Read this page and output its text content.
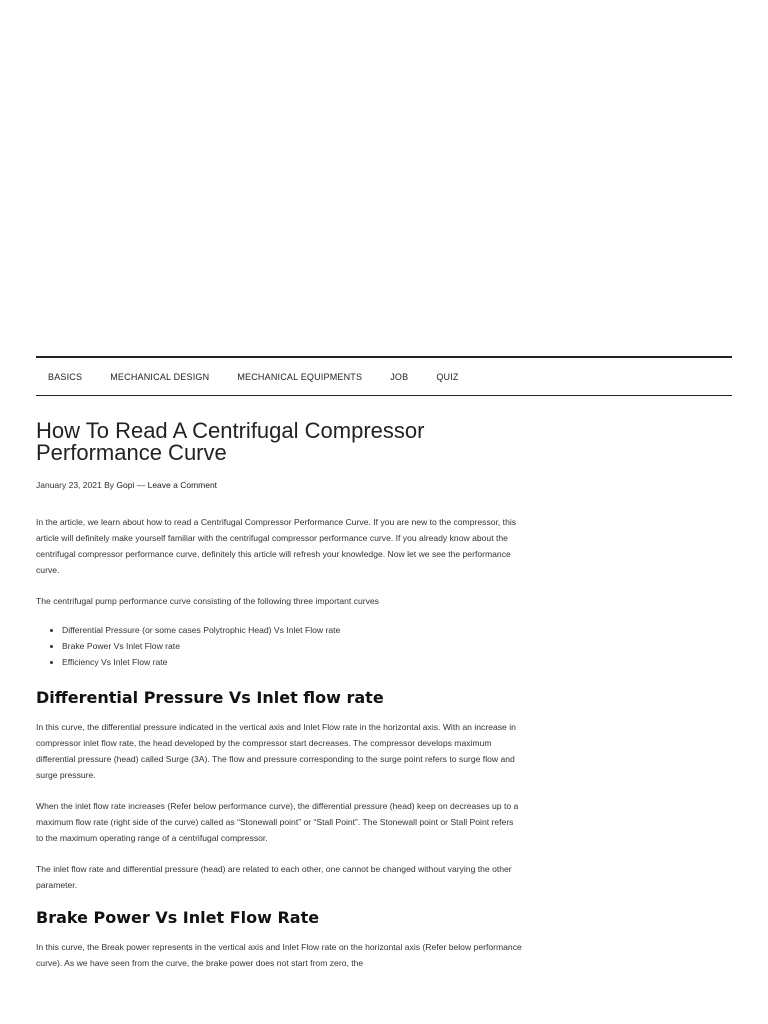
BASICS	MECHANICAL DESIGN	MECHANICAL EQUIPMENTS	JOB	QUIZ
How To Read A Centrifugal Compressor Performance Curve
January 23, 2021 By Gopi — Leave a Comment

In the article, we learn about how to read a Centrifugal Compressor Performance Curve. If you are new to the compressor, this article will definitely make yourself familiar with the centrifugal compressor performance curve. If you already know about the centrifugal compressor performance curve, definitely this article will refresh your knowledge. Now let we see the performance curve.

The centrifugal pump performance curve consisting of the following three important curves

• Differential Pressure (or some cases Polytrophic Head) Vs Inlet Flow rate
• Brake Power Vs Inlet Flow rate
• Efficiency Vs Inlet Flow rate
Differential Pressure Vs Inlet flow rate

In this curve, the differential pressure indicated in the vertical axis and Inlet Flow rate in the horizontal axis. With an increase in compressor inlet flow rate, the head developed by the compressor start decreases. The compressor develops maximum differential pressure (head) called Surge (3A). The flow and pressure corresponding to the surge point refers to surge flow and surge pressure.

When the inlet flow rate increases (Refer below performance curve), the differential pressure (head) keep on decreases up to a maximum flow rate (right side of the curve) called as “Stonewall point” or “Stall Point”. The Stonewall point or Stall Point refers to the maximum operating range of a centrifugal compressor.

The inlet flow rate and differential pressure (head) are related to each other, one cannot be changed without varying the other parameter.

Brake Power Vs Inlet Flow Rate

In this curve, the Break power represents in the vertical axis and Inlet Flow rate on the horizontal axis (Refer below performance curve). As we have seen from the curve, the brake power does not start from zero, the
